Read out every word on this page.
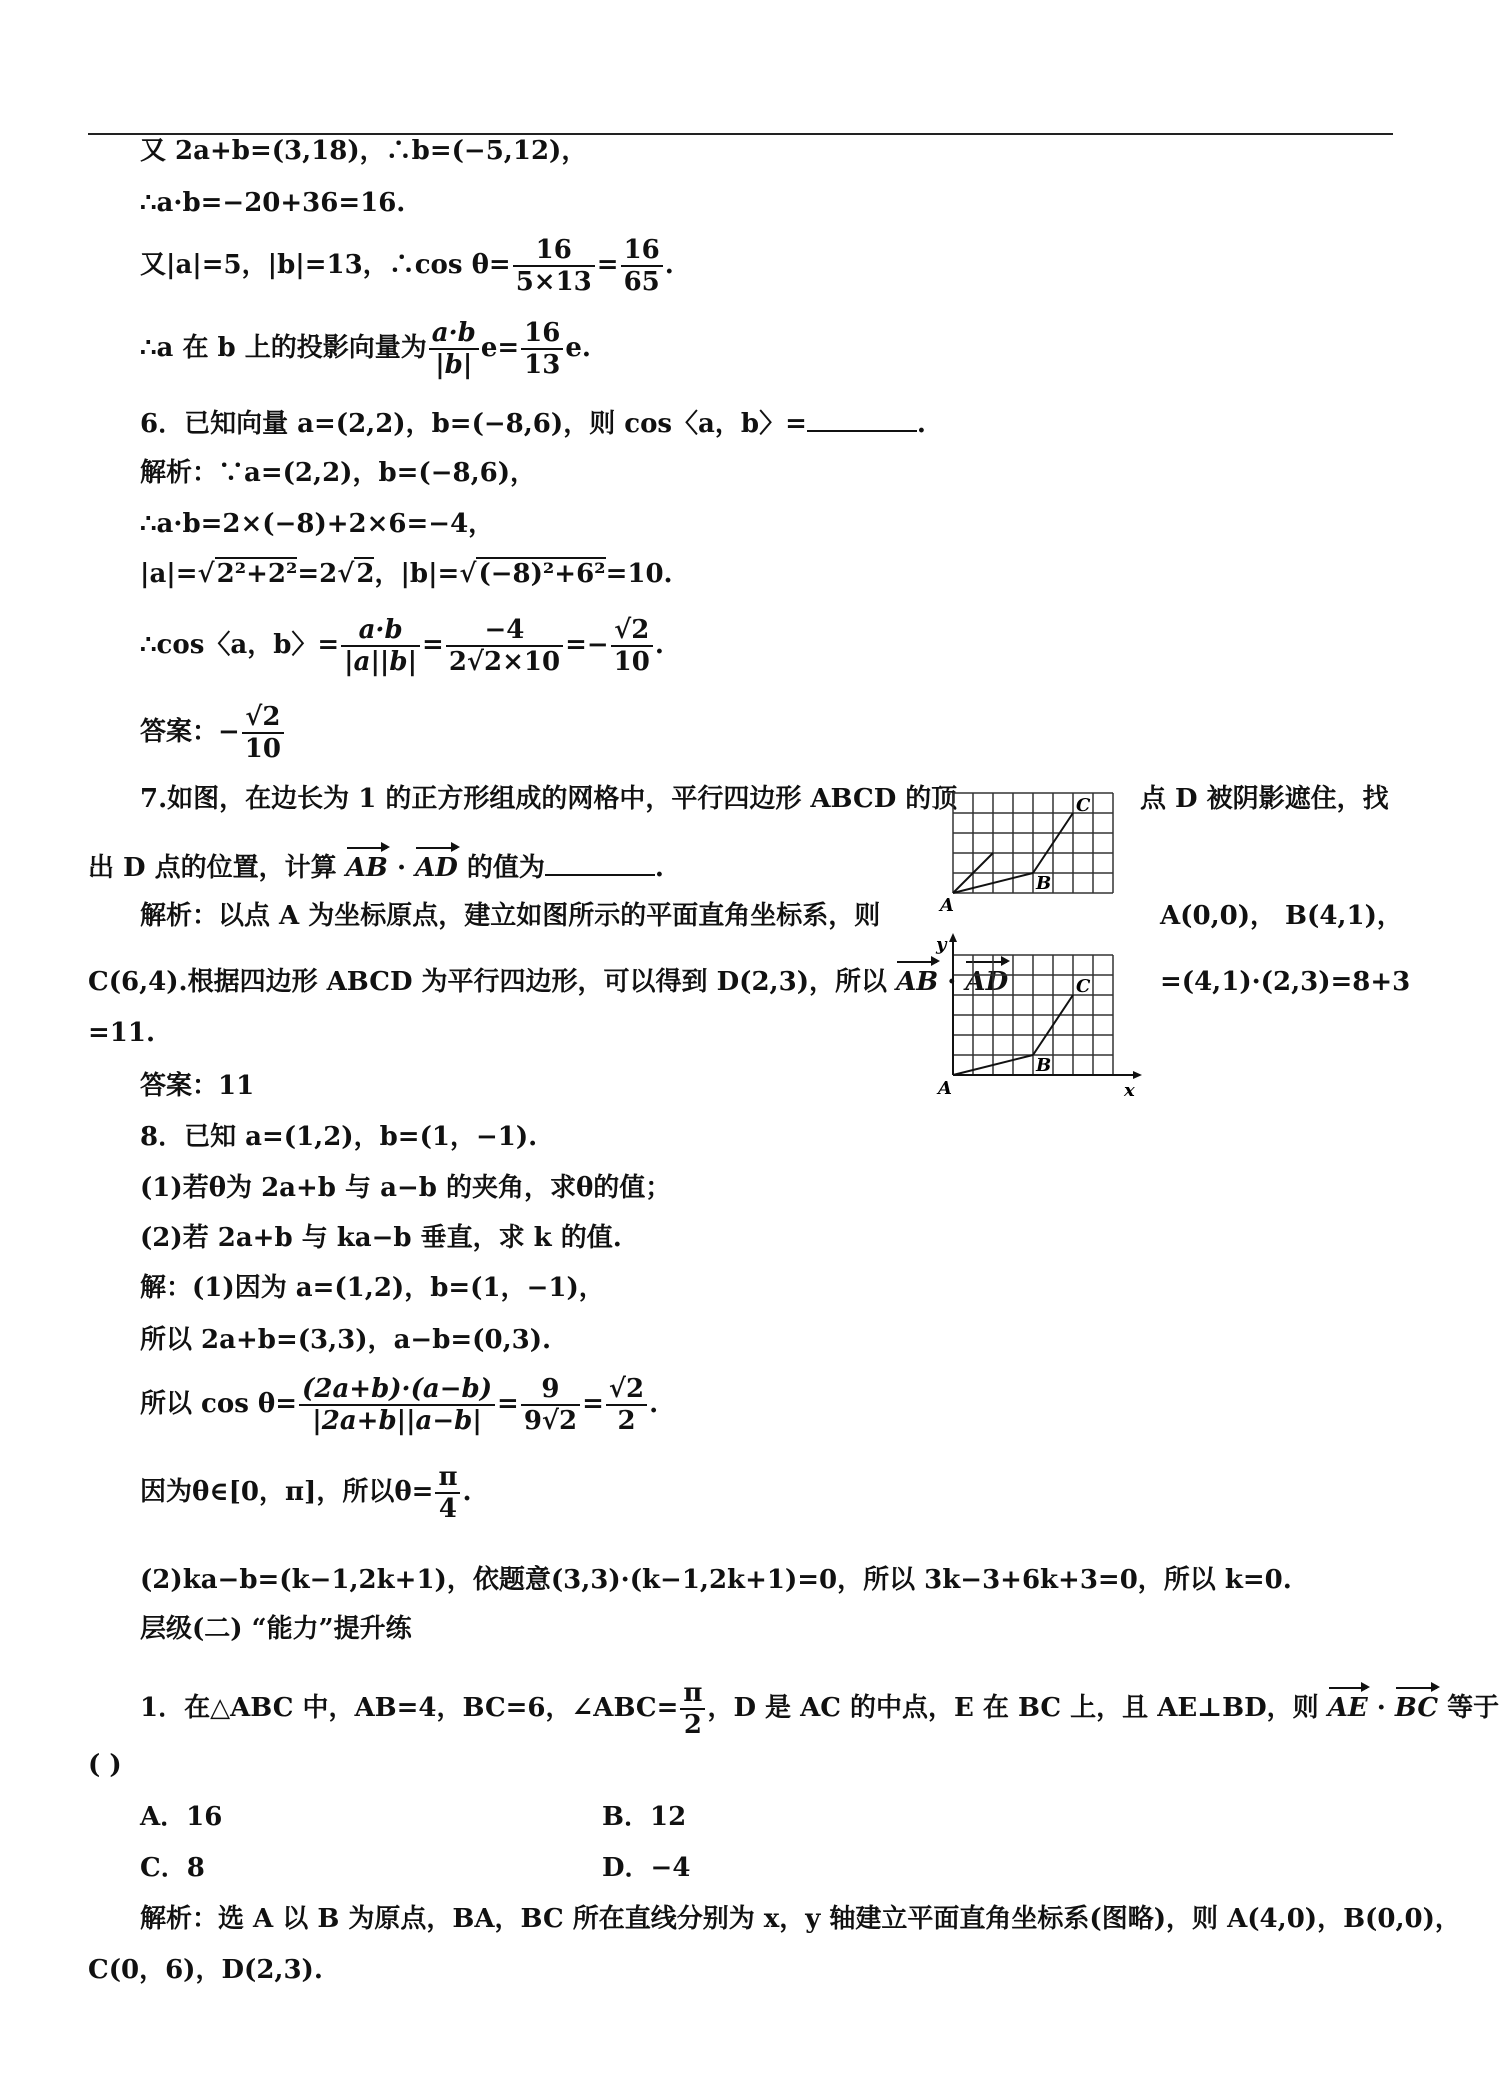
又 2a+b=(3,18)，∴b=(−5,12)，
∴a·b=−20+36=16.
又|a|=5，|b|=13，∴cos $\theta= \frac{16}{5\times 13} = \frac{16}{65}$ .
∴a 在 b 上的投影向量为 $\frac{a\cdot b}{|b|} e= \frac{16}{13} e$.
6．已知向量 a=(2,2)，b=(−8,6)，则 cos〈a，b〉=	.
解析：∵a=(2,2)，b=(−8,6)，
∴a·b=2×(−8)+2×6=−4，
|a|=√2²+2²=2√2，|b|=√(−8)²+6²=10.
∴cos〈a，b〉= $\frac{a\cdot b}{|a||b|} = \frac{-4}{2√2\times 10} =- \frac{√2}{10}$ .
答案：− $\frac{√2}{10}$
7.如图，在边长为 1 的正方形组成的网格中，平行四边形 ABCD 的顶	点 D 被阴影遮住，找
出 D 点的位置，计算 AB · AD 的值为	.
解析：以点 A 为坐标原点，建立如图所示的平面直角坐标系，则	A(0,0)， B(4,1)，
C(6,4).根据四边形 ABCD 为平行四边形，可以得到 D(2,3)，所以 AB · AD	=(4,1)·(2,3)=8+3
=11.
答案：11
A
B
C
y
x
A
B
C
8．已知 a=(1,2)，b=(1，−1).
(1)若θ为 2a+b 与 a−b 的夹角，求θ的值；
(2)若 2a+b 与 ka−b 垂直，求 k 的值.
解：(1)因为 a=(1,2)，b=(1，−1)，
所以 2a+b=(3,3)，a−b=(0,3).
所以 $\cos \theta= \frac{(2a+b)\cdot(a-b)}{|2a+b||a-b|} = \frac{9}{9√2} = \frac{√2}{2}$ .
因为θ∈[0，π]，所以$\theta= \frac{\pi}{4}$ .
(2)ka−b=(k−1,2k+1)，依题意(3,3)·(k−1,2k+1)=0，所以 3k−3+6k+3=0，所以 k=0.
层级(二) “能力”提升练
1．在△ABC 中，AB=4，BC=6，∠ABC= $\frac{\pi}{2}$ ，D 是 AC 的中点，E 在 BC 上，且 AE⊥BD，则 AE · BC 等于
( )
A．16	B．12
C．8	D．−4
解析：选 A 以 B 为原点，BA，BC 所在直线分别为 x，y 轴建立平面直角坐标系(图略)，则 A(4,0)，B(0,0)，
C(0，6)，D(2,3).
